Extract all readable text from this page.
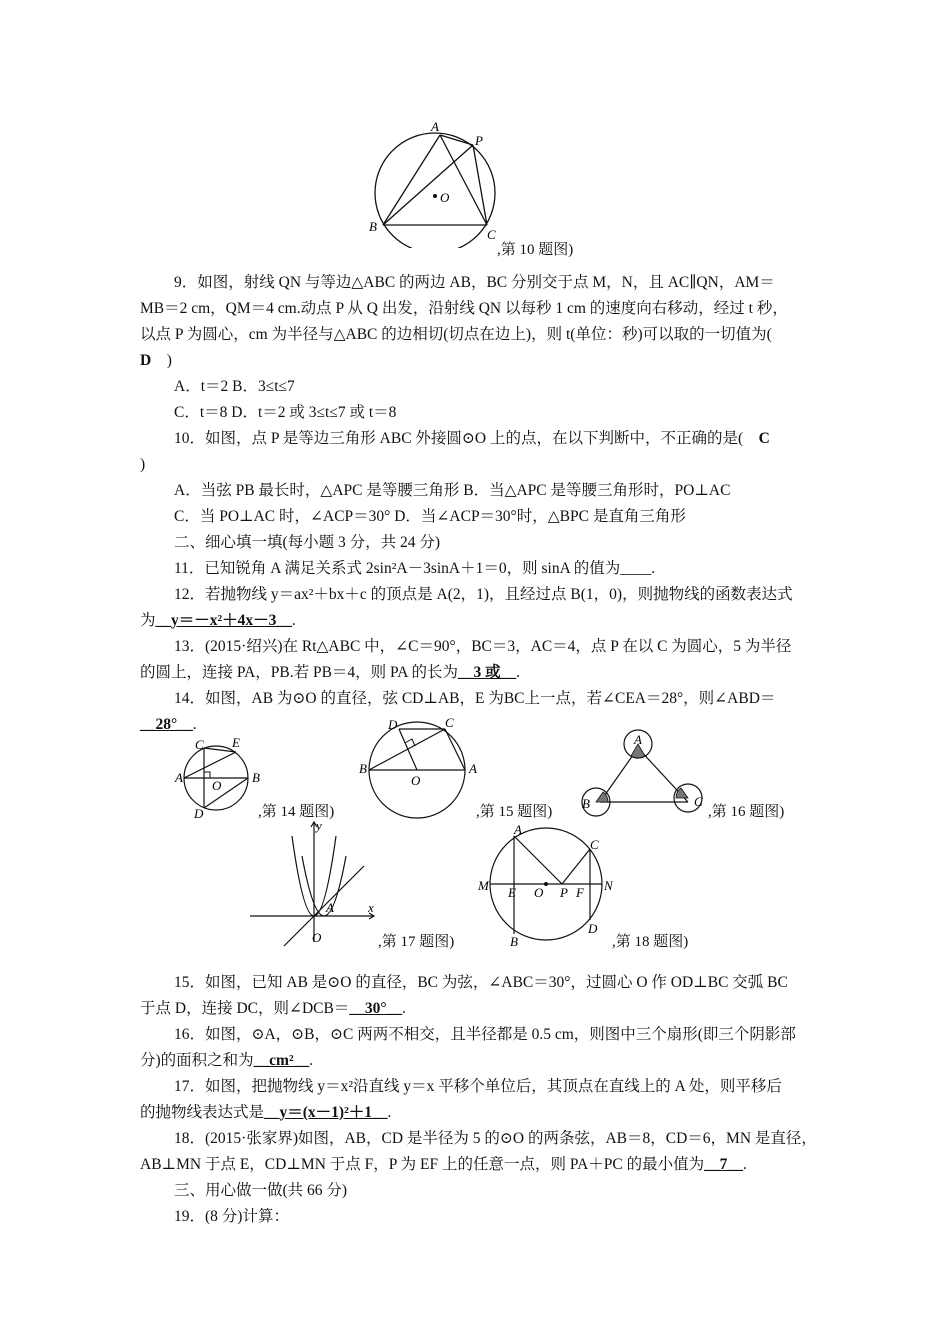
A
P
O
B
C
,第 10 题图)
9．如图，射线 QN 与等边△ABC 的两边 AB，BC 分别交于点 M，N，且 AC∥QN，AM＝
MB＝2 cm，QM＝4 cm.动点 P 从 Q 出发，沿射线 QN 以每秒 1 cm 的速度向右移动，经过 t 秒，
以点 P 为圆心，cm 为半径与△ABC 的边相切(切点在边上)，则 t(单位：秒)可以取的一切值为(
D )
A．t＝2 B．3≤t≤7
C．t＝8 D．t＝2 或 3≤t≤7 或 t＝8
10．如图，点 P 是等边三角形 ABC 外接圆⊙O 上的点，在以下判断中，不正确的是( C
)
A．当弦 PB 最长时，△APC 是等腰三角形 B．当△APC 是等腰三角形时，PO⊥AC
C．当 PO⊥AC 时，∠ACP＝30° D．当∠ACP＝30°时，△BPC 是直角三角形
二、细心填一填(每小题 3 分，共 24 分)
11．已知锐角 A 满足关系式 2sin²A－3sinA＋1＝0，则 sinA 的值为____.
12．若抛物线 y＝ax²＋bx＋c 的顶点是 A(2，1)，且经过点 B(1，0)，则抛物线的函数表达式
为__y＝－x²＋4x－3__.
13．(2015·绍兴)在 Rt△ABC 中，∠C＝90°，BC＝3，AC＝4，点 P 在以 C 为圆心，5 为半径
的圆上，连接 PA，PB.若 PB＝4，则 PA 的长为__3 或__.
14．如图，AB 为⊙O 的直径，弦 CD⊥AB，E 为BC上一点，若∠CEA＝28°，则∠ABD＝
__28°__.
C E
A
O
B
D	,第 14 题图)
D	C
B
O
A
,第 15 题图)
A
B	C
,第 16 题图)
O
x
y
A
,第 17 题图)
A
C
M E O P F N
B
D
,第 18 题图)
15．如图，已知 AB 是⊙O 的直径，BC 为弦，∠ABC＝30°，过圆心 O 作 OD⊥BC 交弧 BC
于点 D，连接 DC，则∠DCB＝__30°__.
16．如图，⊙A，⊙B，⊙C 两两不相交，且半径都是 0.5 cm，则图中三个扇形(即三个阴影部
分)的面积之和为__cm²__.
17．如图，把抛物线 y＝x²沿直线 y＝x 平移个单位后，其顶点在直线上的 A 处，则平移后
的抛物线表达式是__y＝(x－1)²＋1__.
18．(2015·张家界)如图，AB，CD 是半径为 5 的⊙O 的两条弦，AB＝8，CD＝6，MN 是直径，
AB⊥MN 于点 E，CD⊥MN 于点 F，P 为 EF 上的任意一点，则 PA＋PC 的最小值为__7__.
三、用心做一做(共 66 分)
19．(8 分)计算：
